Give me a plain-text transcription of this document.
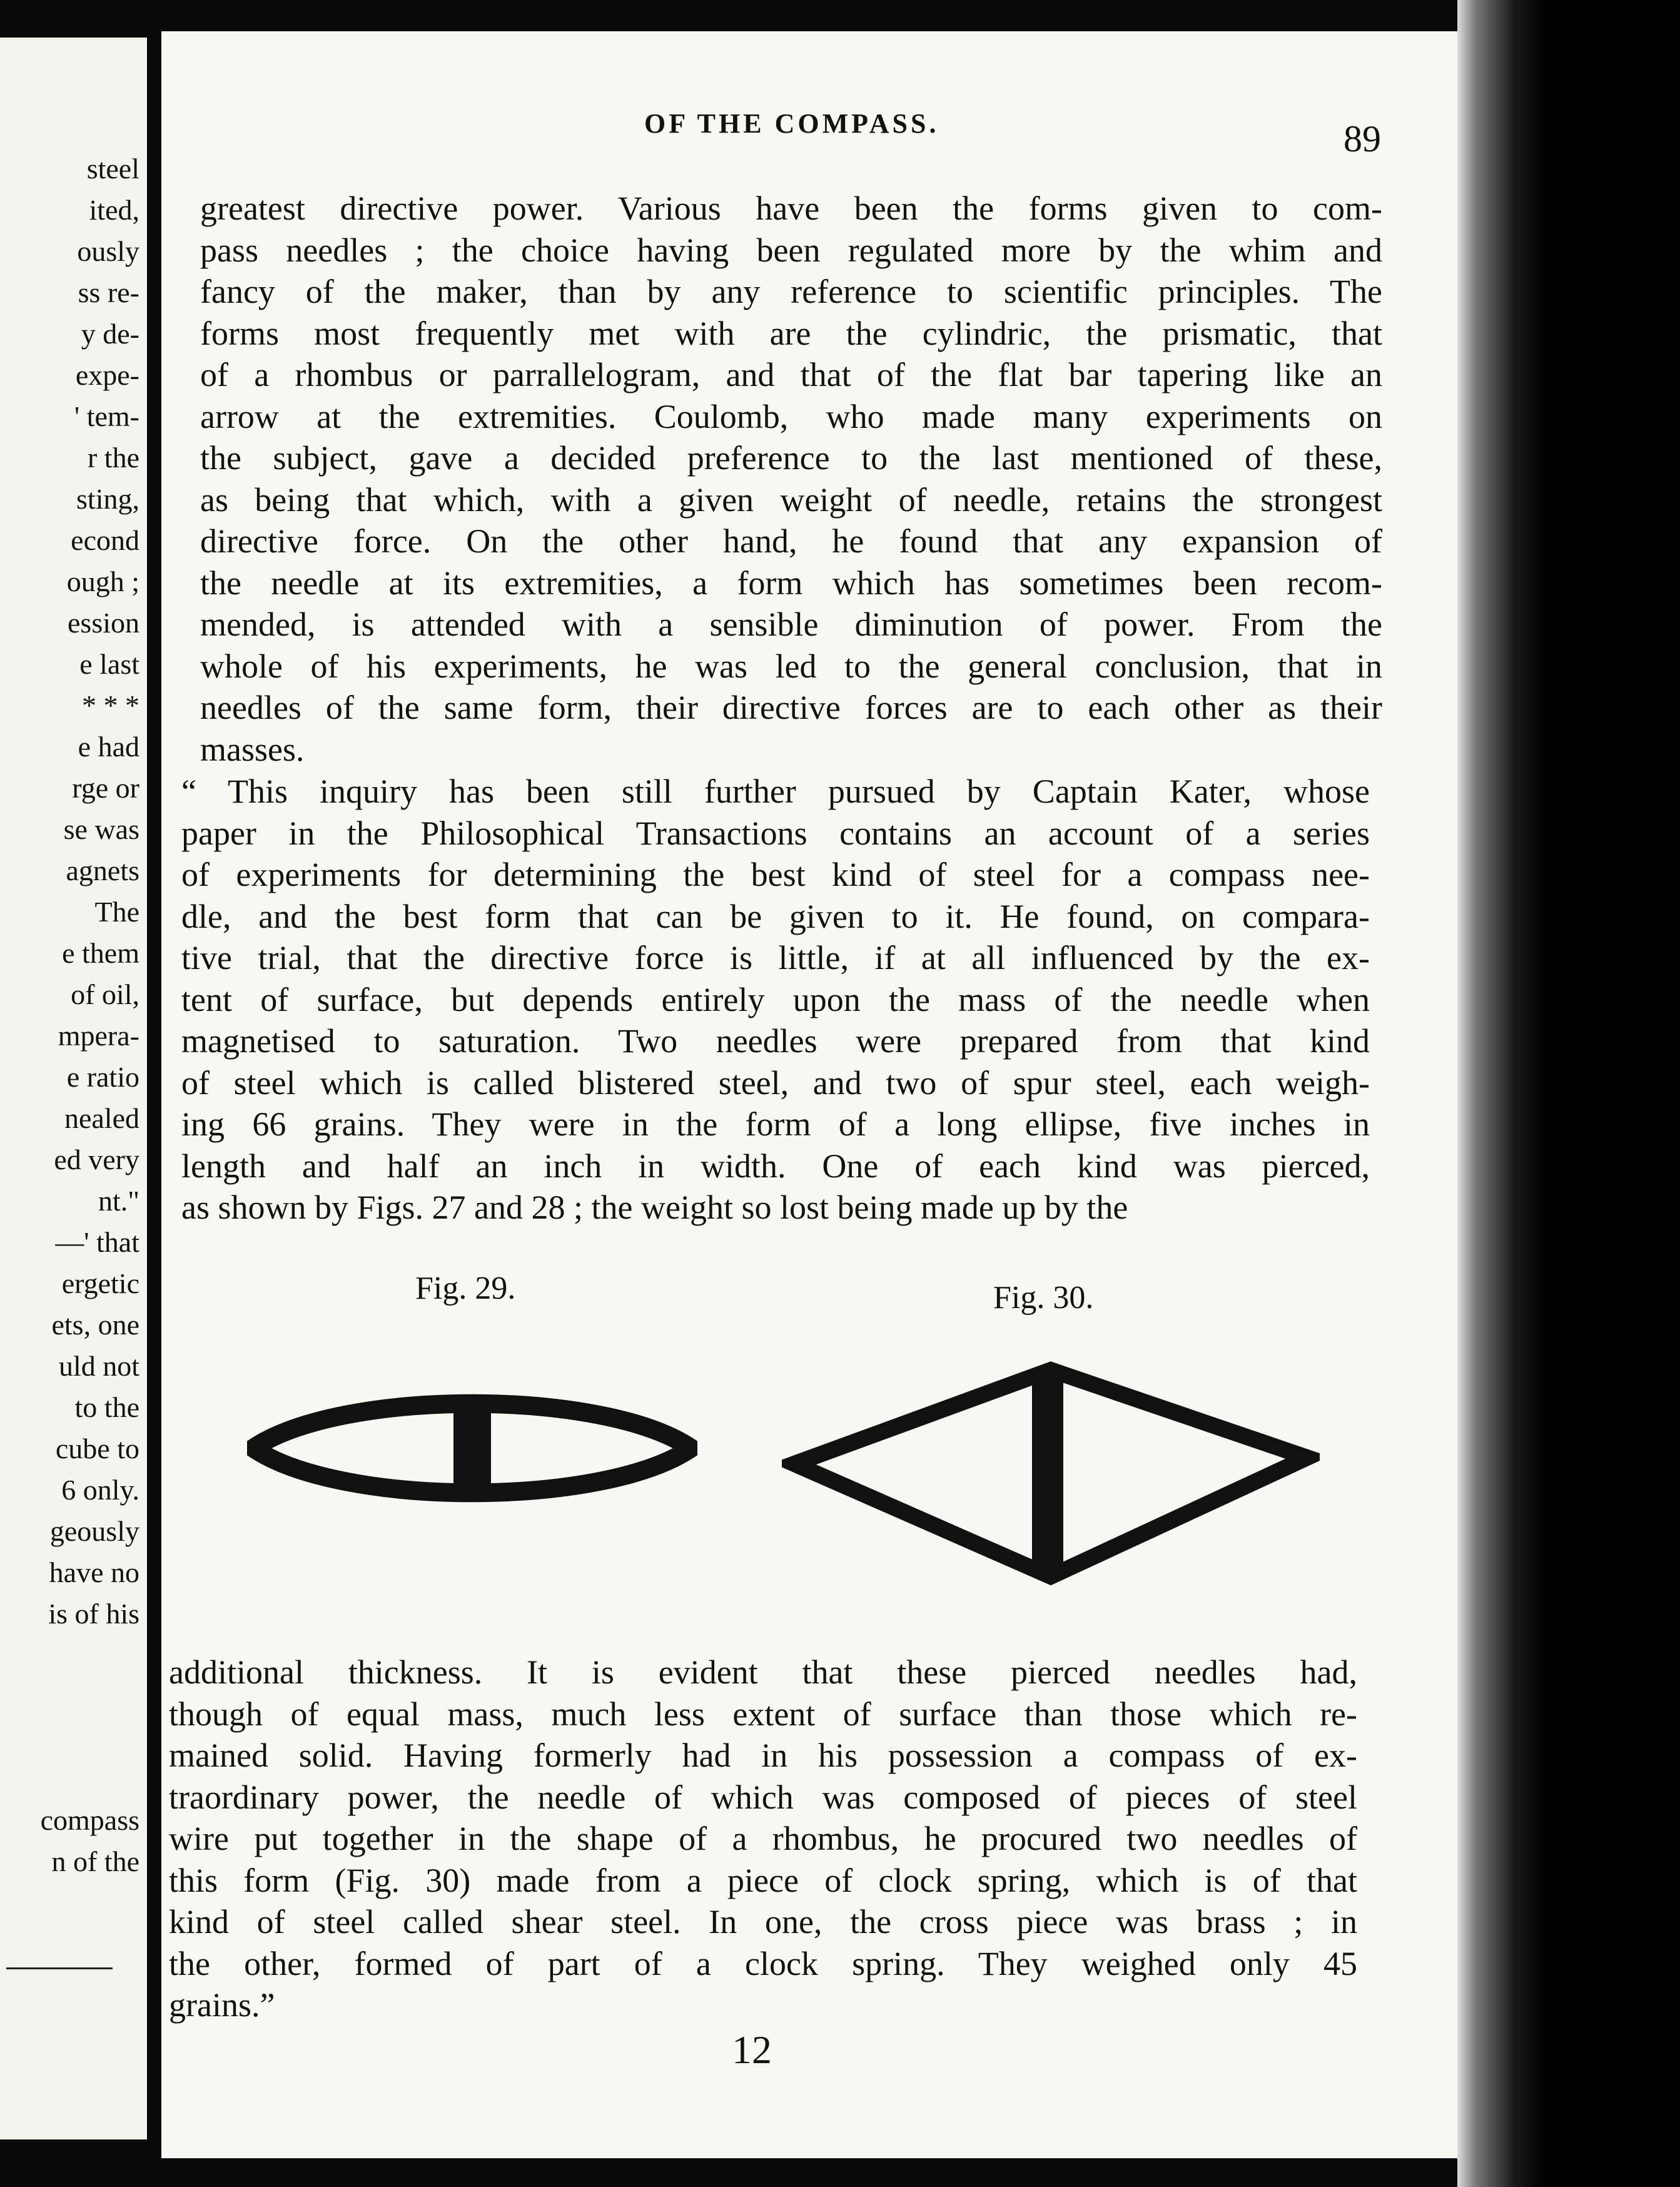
steel
ited,
ously
ss re-
y de-
expe-
' tem-
r the
sting,
econd
ough ;
ession
e last
* * *
e had
rge or
se was
agnets
The
e them
of oil,
mpera-
e ratio
nealed
ed very
nt."
—' that
ergetic
ets, one
uld not
to the
cube to
6 only.
geously
have no
is of his
compass
n of the
OF THE COMPASS.	89
greatest directive power. Various have been the forms given to com-
pass needles ; the choice having been regulated more by the whim and
fancy of the maker, than by any reference to scientific principles. The
forms most frequently met with are the cylindric, the prismatic, that
of a rhombus or parrallelogram, and that of the flat bar tapering like an
arrow at the extremities. Coulomb, who made many experiments on
the subject, gave a decided preference to the last mentioned of these,
as being that which, with a given weight of needle, retains the strongest
directive force. On the other hand, he found that any expansion of
the needle at its extremities, a form which has sometimes been recom-
mended, is attended with a sensible diminution of power. From the
whole of his experiments, he was led to the general conclusion, that in
needles of the same form, their directive forces are to each other as their
masses.
“ This inquiry has been still further pursued by Captain Kater, whose
paper in the Philosophical Transactions contains an account of a series
of experiments for determining the best kind of steel for a compass nee-
dle, and the best form that can be given to it. He found, on compara-
tive trial, that the directive force is little, if at all influenced by the ex-
tent of surface, but depends entirely upon the mass of the needle when
magnetised to saturation. Two needles were prepared from that kind
of steel which is called blistered steel, and two of spur steel, each weigh-
ing 66 grains. They were in the form of a long ellipse, five inches in
length and half an inch in width. One of each kind was pierced,
as shown by Figs. 27 and 28 ; the weight so lost being made up by the
Fig. 29.	Fig. 30.
additional thickness. It is evident that these pierced needles had,
though of equal mass, much less extent of surface than those which re-
mained solid. Having formerly had in his possession a compass of ex-
traordinary power, the needle of which was composed of pieces of steel
wire put together in the shape of a rhombus, he procured two needles of
this form (Fig. 30) made from a piece of clock spring, which is of that
kind of steel called shear steel. In one, the cross piece was brass ; in
the other, formed of part of a clock spring. They weighed only 45
grains.”
12
